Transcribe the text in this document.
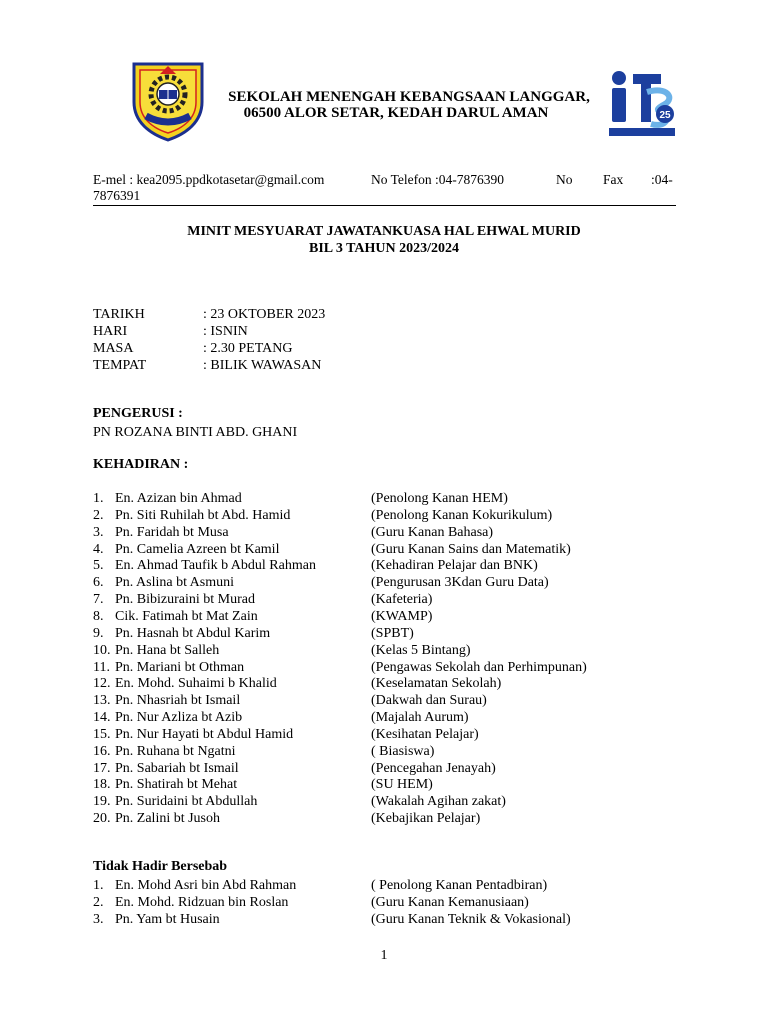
SEKOLAH MENENGAH KEBANGSAAN LANGGAR,
06500 ALOR SETAR, KEDAH DARUL AMAN	25
E-mel : kea2095.ppdkotasetar@gmail.com	No Telefon :04-7876390	No Fax :04-
7876391
MINIT MESYUARAT JAWATANKUASA HAL EHWAL MURID
BIL 3 TAHUN 2023/2024
TARIKH	: 23 OKTOBER 2023
HARI	: ISNIN
MASA	: 2.30 PETANG
TEMPAT	: BILIK WAWASAN
PENGERUSI :
PN ROZANA BINTI ABD. GHANI
KEHADIRAN :
1. En. Azizan bin Ahmad	(Penolong Kanan HEM)
2. Pn. Siti Ruhilah bt Abd. Hamid	(Penolong Kanan Kokurikulum)
3. Pn. Faridah bt Musa	(Guru Kanan Bahasa)
4. Pn. Camelia Azreen bt Kamil	(Guru Kanan Sains dan Matematik)
5. En. Ahmad Taufik b Abdul Rahman	(Kehadiran Pelajar dan BNK)
6. Pn. Aslina bt Asmuni	(Pengurusan 3Kdan Guru Data)
7. Pn. Bibizuraini bt Murad	(Kafeteria)
8. Cik. Fatimah bt Mat Zain	(KWAMP)
9. Pn. Hasnah bt Abdul Karim	(SPBT)
10. Pn. Hana bt Salleh	(Kelas 5 Bintang)
11. Pn. Mariani bt Othman	(Pengawas Sekolah dan Perhimpunan)
12. En. Mohd. Suhaimi b Khalid	(Keselamatan Sekolah)
13. Pn. Nhasriah bt Ismail	(Dakwah dan Surau)
14. Pn. Nur Azliza bt Azib	(Majalah Aurum)
15. Pn. Nur Hayati bt Abdul Hamid	(Kesihatan Pelajar)
16. Pn. Ruhana bt Ngatni	( Biasiswa)
17. Pn. Sabariah bt Ismail	(Pencegahan Jenayah)
18. Pn. Shatirah bt Mehat	(SU HEM)
19. Pn. Suridaini bt Abdullah	(Wakalah Agihan zakat)
20. Pn. Zalini bt Jusoh	(Kebajikan Pelajar)
Tidak Hadir Bersebab
1. En. Mohd Asri bin Abd Rahman	( Penolong Kanan Pentadbiran)
2. En. Mohd. Ridzuan bin Roslan	(Guru Kanan Kemanusiaan)
3. Pn. Yam bt Husain	(Guru Kanan Teknik & Vokasional)
1
